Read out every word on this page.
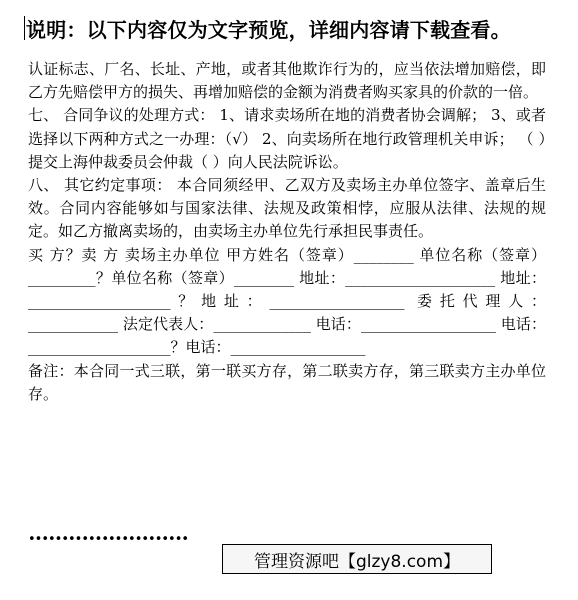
说明：以下内容仅为文字预览，详细内容请下载查看。

认证标志、厂名、长址、产地，或者其他欺诈行为的，应当依法增加赔偿，即乙方先赔偿甲方的损失、再增加赔偿的金额为消费者购买家具的价款的一倍。

七、 合同争议的处理方式： 1、请求卖场所在地的消费者协会调解； 3、或者选择以下两种方式之一办理：（√） 2、向卖场所在地行政管理机关申诉； （ ）提交上海仲裁委员会仲裁（ ）向人民法院诉讼。

八、 其它约定事项： 本合同须经甲、乙双方及卖场主办单位签字、盖章后生效。合同内容能够如与国家法律、法规及政策相悖，应服从法律、法规的规定。如乙方撤离卖场的，由卖场主办单位先行承担民事责任。

买 方？卖 方 卖场主办单位 甲方姓名（签章）________ 单位名称（签章）_________？单位名称（签章）________ 地址：____________________ 地址：___________________？地址：__________________ 委托代理人：____________ 法定代表人：_____________ 电话：__________________ 电话：___________________？电话：__________________

备注：本合同一式三联，第一联买方存，第二联卖方存，第三联卖方主办单位存。

••••••••••••••••••••••••
管理资源吧【glzy8.com】
